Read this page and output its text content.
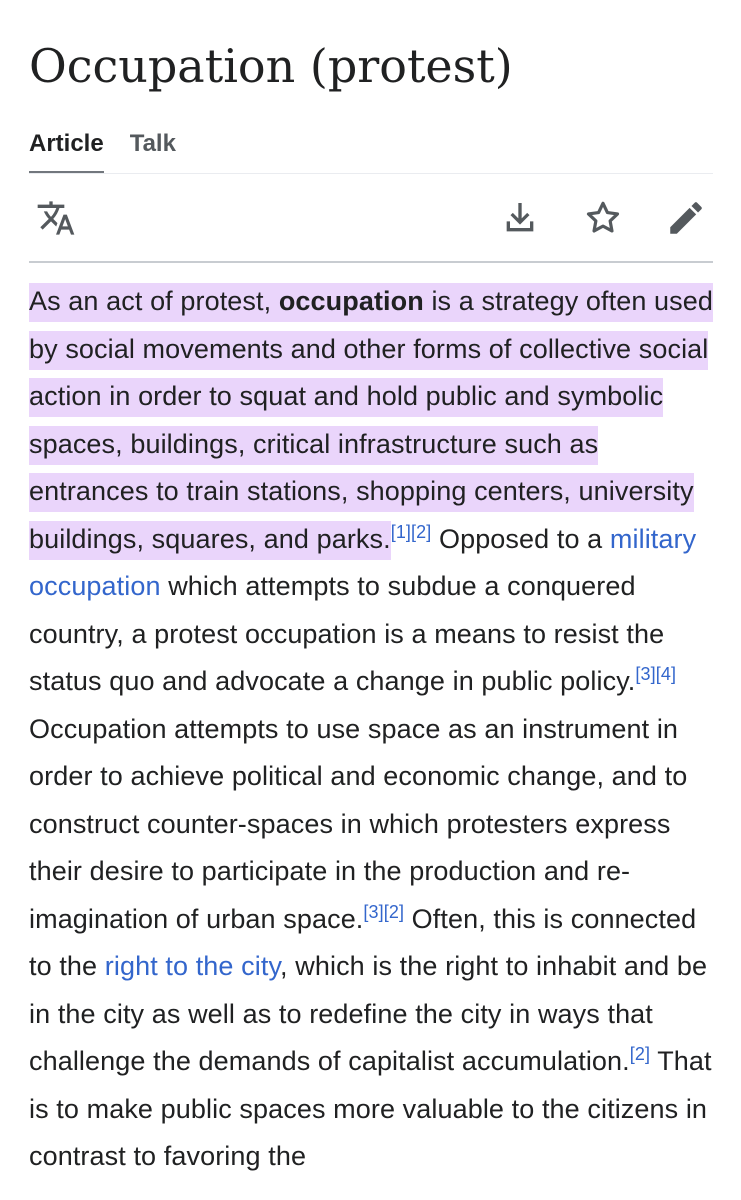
Occupation (protest)
Article Talk

As an act of protest, occupation is a strategy often used by social movements and other forms of collective social action in order to squat and hold public and symbolic spaces, buildings, critical infrastructure such as entrances to train stations, shopping centers, university buildings, squares, and parks.[1][2] Opposed to a military occupation which attempts to subdue a conquered country, a protest occupation is a means to resist the status quo and advocate a change in public policy.[3][4] Occupation attempts to use space as an instrument in order to achieve political and economic change, and to construct counter-spaces in which protesters express their desire to participate in the production and re-imagination of urban space.[3][2] Often, this is connected to the right to the city, which is the right to inhabit and be in the city as well as to redefine the city in ways that challenge the demands of capitalist accumulation.[2] That is to make public spaces more valuable to the citizens in contrast to favoring the
